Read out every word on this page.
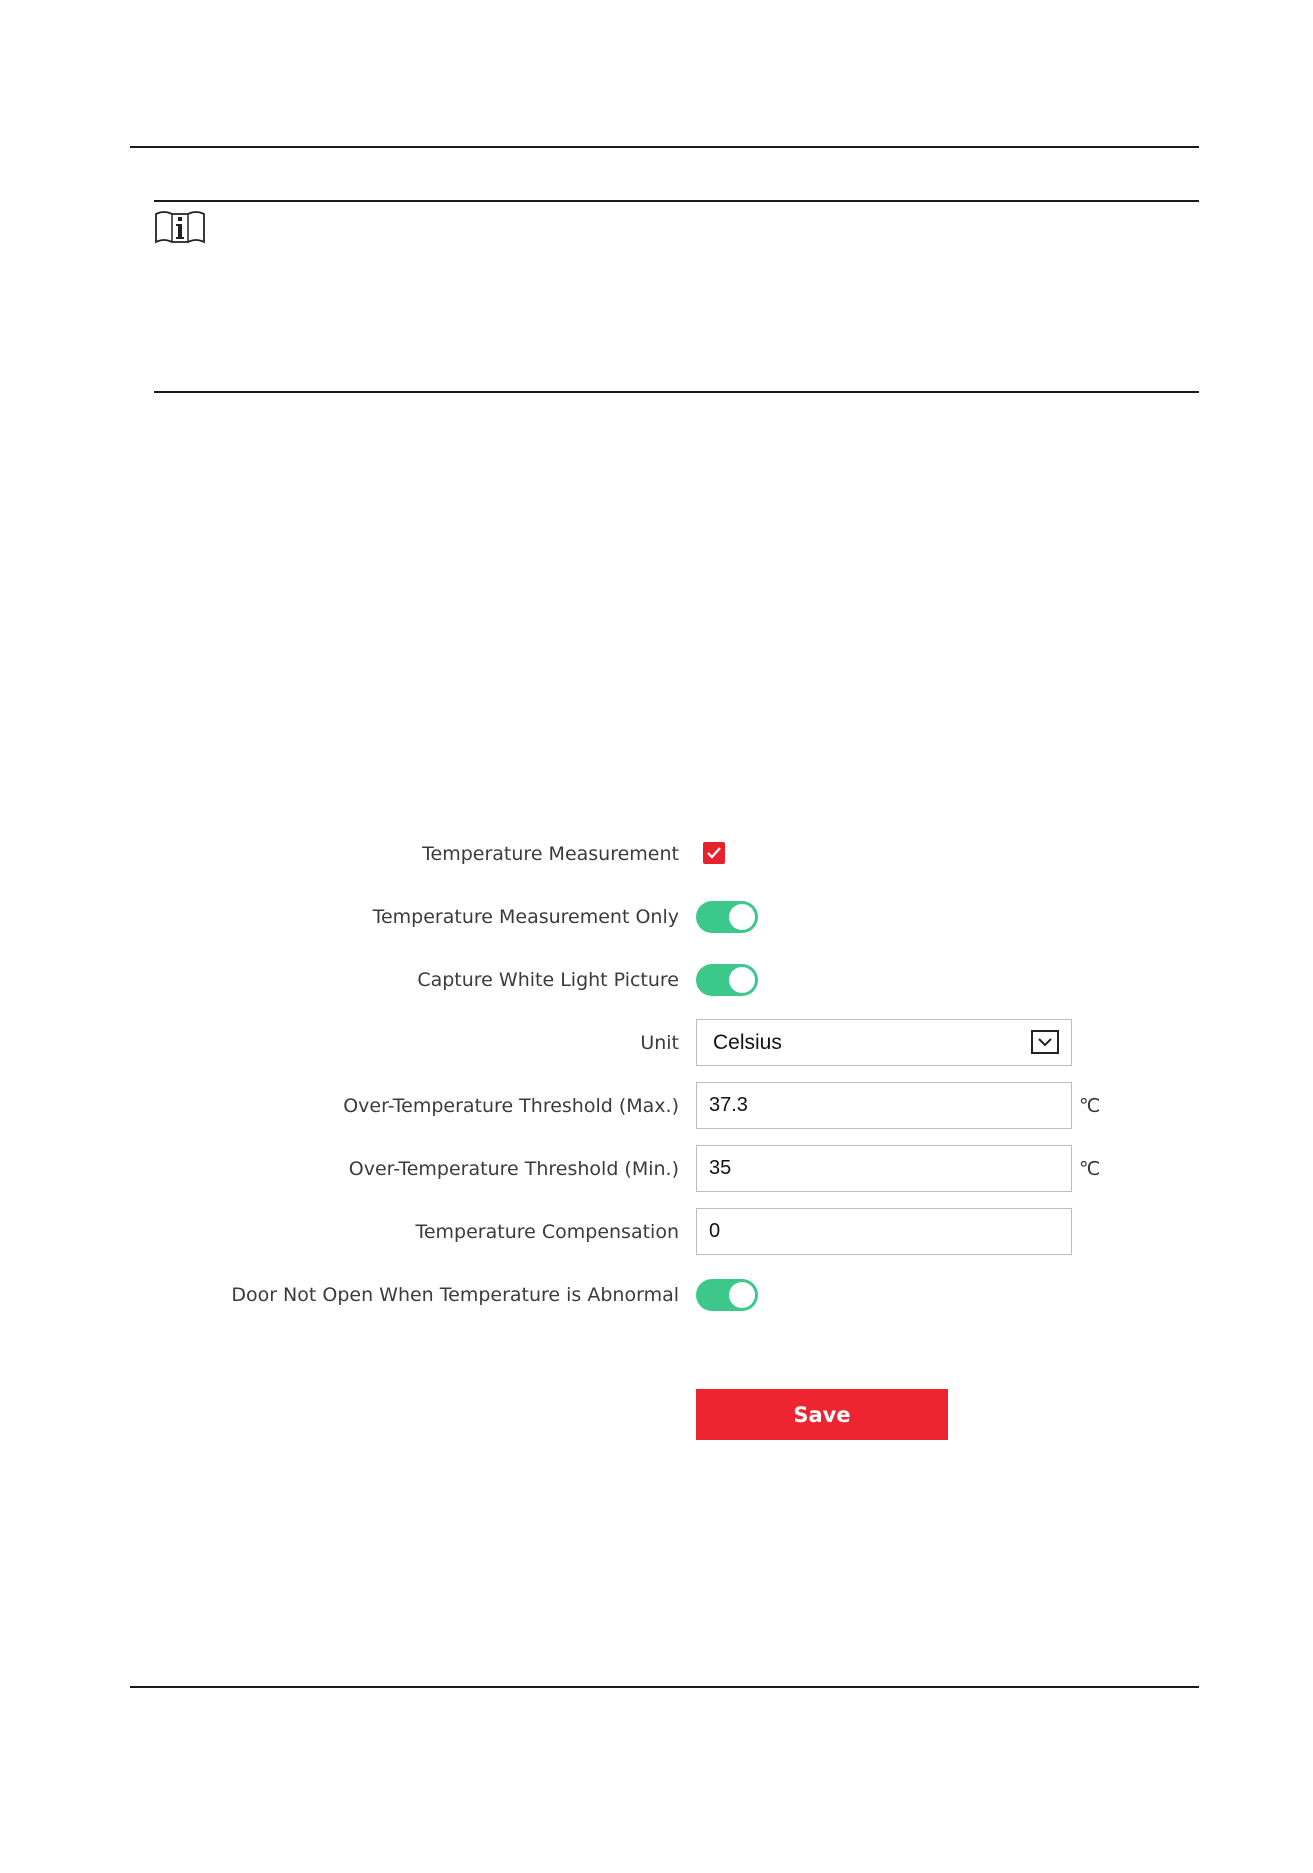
Temperature Measurement
Temperature Measurement Only
Capture White Light Picture
Unit Celsius
Over-Temperature Threshold (Max.)
37.3	℃
Over-Temperature Threshold (Min.)
35	℃
Temperature Compensation
0
Door Not Open When Temperature is Abnormal
Save
